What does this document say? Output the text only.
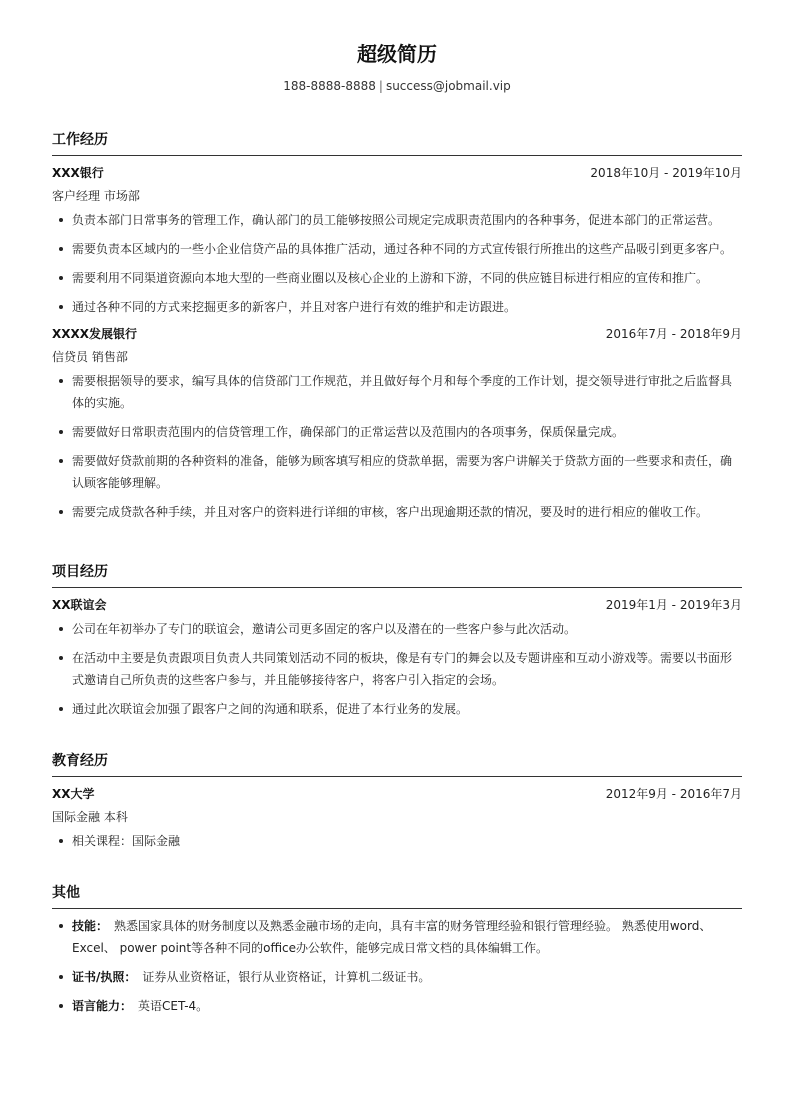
超级简历
188-8888-8888 | success@jobmail.vip
工作经历
XXX银行	2018年10月 - 2019年10月
客户经理 市场部
负责本部门日常事务的管理工作，确认部门的员工能够按照公司规定完成职责范围内的各种事务，促进本部门的正常运营。
需要负责本区域内的一些小企业信贷产品的具体推广活动，通过各种不同的方式宣传银行所推出的这些产品吸引到更多客户。
需要利用不同渠道资源向本地大型的一些商业圈以及核心企业的上游和下游，不同的供应链目标进行相应的宣传和推广。
通过各种不同的方式来挖掘更多的新客户，并且对客户进行有效的维护和走访跟进。
XXXX发展银行	2016年7月 - 2018年9月
信贷员 销售部
需要根据领导的要求，编写具体的信贷部门工作规范，并且做好每个月和每个季度的工作计划，提交领导进行审批之后监督具体的实施。
需要做好日常职责范围内的信贷管理工作，确保部门的正常运营以及范围内的各项事务，保质保量完成。
需要做好贷款前期的各种资料的准备，能够为顾客填写相应的贷款单据，需要为客户讲解关于贷款方面的一些要求和责任，确认顾客能够理解。
需要完成贷款各种手续，并且对客户的资料进行详细的审核，客户出现逾期还款的情况，要及时的进行相应的催收工作。
项目经历
XX联谊会	2019年1月 - 2019年3月
公司在年初举办了专门的联谊会，邀请公司更多固定的客户以及潜在的一些客户参与此次活动。
在活动中主要是负责跟项目负责人共同策划活动不同的板块，像是有专门的舞会以及专题讲座和互动小游戏等。需要以书面形式邀请自己所负责的这些客户参与，并且能够接待客户，将客户引入指定的会场。
通过此次联谊会加强了跟客户之间的沟通和联系，促进了本行业务的发展。
教育经历
XX大学	2012年9月 - 2016年7月
国际金融 本科
相关课程：国际金融
其他
技能： 熟悉国家具体的财务制度以及熟悉金融市场的走向，具有丰富的财务管理经验和银行管理经验。 熟悉使用word、Excel、 power point等各种不同的office办公软件，能够完成日常文档的具体编辑工作。
证书/执照： 证券从业资格证，银行从业资格证，计算机二级证书。
语言能力： 英语CET-4。
